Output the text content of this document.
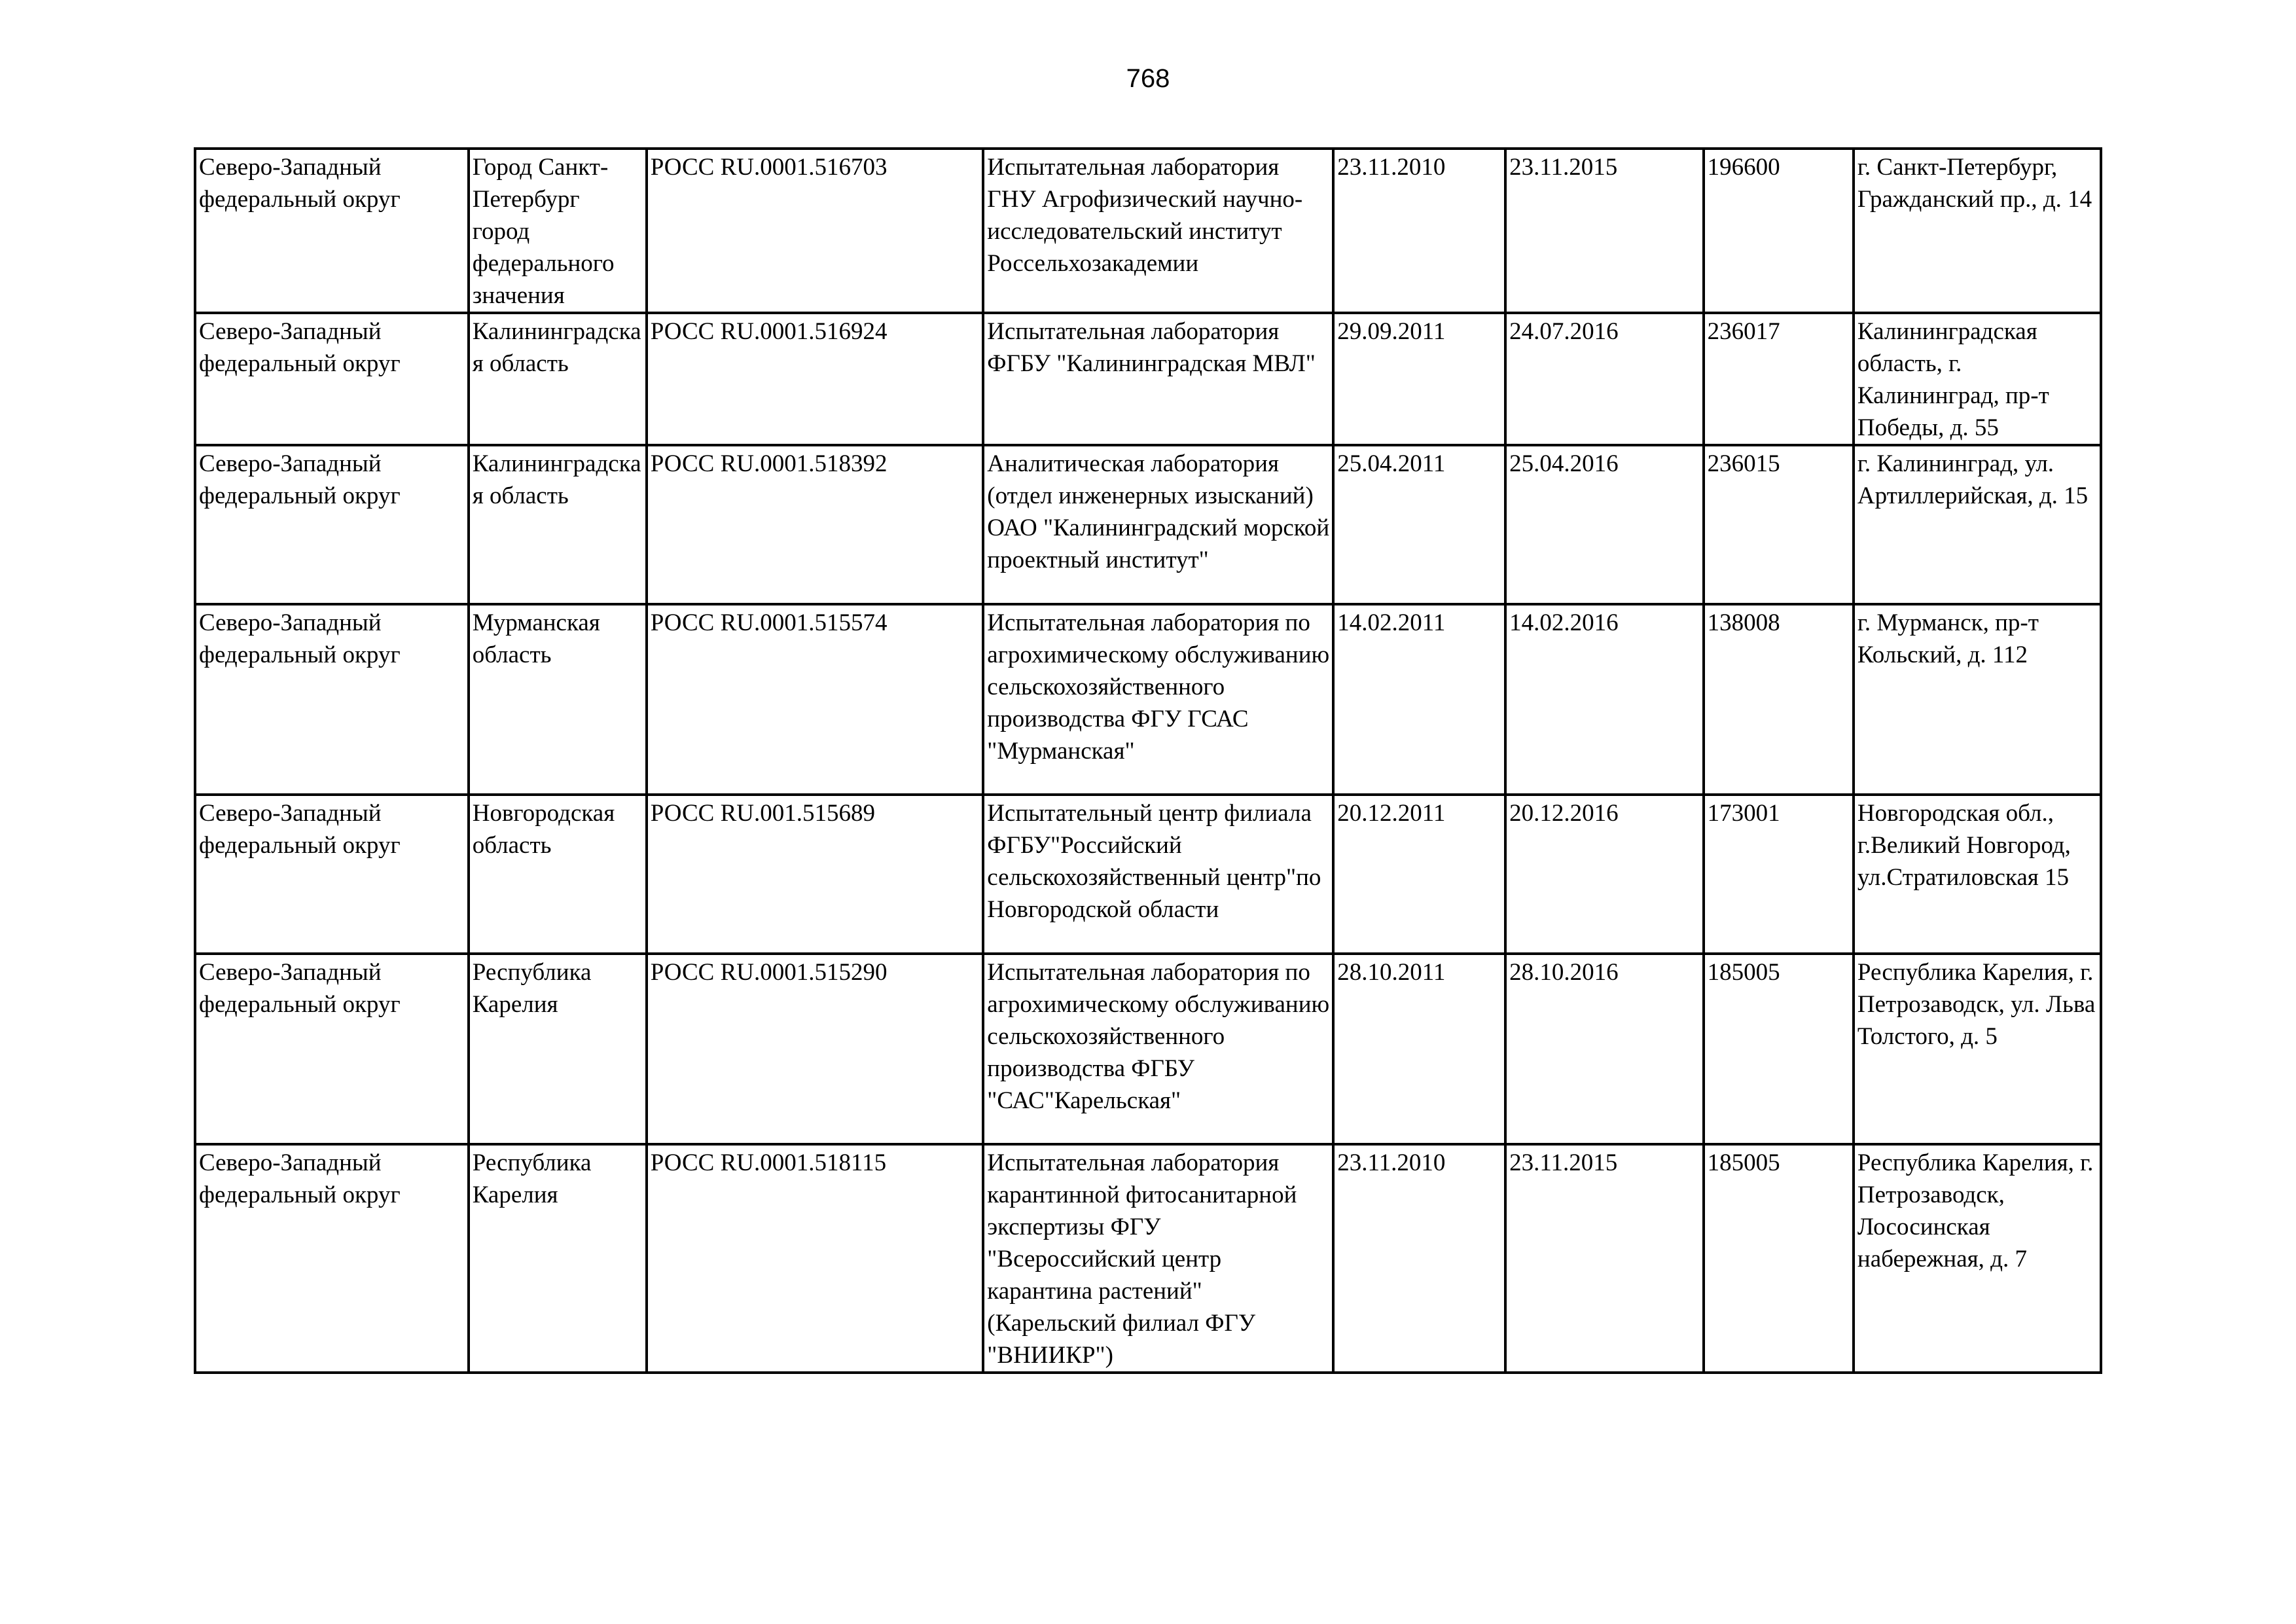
768
Северо-Западный федеральный округ	Город Санкт-Петербург город федерального значения	РОСС RU.0001.516703	Испытательная лаборатория ГНУ Агрофизический научно-исследовательский институт Россельхозакадемии	23.11.2010	23.11.2015	196600	г. Санкт-Петербург, Гражданский пр., д. 14
Северо-Западный федеральный округ	Калининградская область	РОСС RU.0001.516924	Испытательная лаборатория ФГБУ "Калининградская МВЛ"	29.09.2011	24.07.2016	236017	Калининградская область, г. Калининград, пр-т Победы, д. 55
Северо-Западный федеральный округ	Калининградская область	РОСС RU.0001.518392	Аналитическая лаборатория (отдел инженерных изысканий) ОАО "Калининградский морской проектный институт"	25.04.2011	25.04.2016	236015	г. Калининград, ул. Артиллерийская, д. 15
Северо-Западный федеральный округ	Мурманская область	РОСС RU.0001.515574	Испытательная лаборатория по агрохимическому обслуживанию сельскохозяйственного производства ФГУ ГСАС "Мурманская"	14.02.2011	14.02.2016	138008	г. Мурманск, пр-т Кольский, д. 112
Северо-Западный федеральный округ	Новгородская область	РОСС RU.001.515689	Испытательный центр филиала ФГБУ"Российский сельскохозяйственный центр"по Новгородской области	20.12.2011	20.12.2016	173001	Новгородская обл., г.Великий Новгород, ул.Стратиловская 15
Северо-Западный федеральный округ	Республика Карелия	РОСС RU.0001.515290	Испытательная лаборатория по агрохимическому обслуживанию сельскохозяйственного производства ФГБУ "САС"Карельская"	28.10.2011	28.10.2016	185005	Республика Карелия, г. Петрозаводск, ул. Льва Толстого, д. 5
Северо-Западный федеральный округ	Республика Карелия	РОСС RU.0001.518115	Испытательная лаборатория карантинной фитосанитарной экспертизы ФГУ "Всероссийский центр карантина растений" (Карельский филиал ФГУ "ВНИИКР")	23.11.2010	23.11.2015	185005	Республика Карелия, г. Петрозаводск, Лососинская набережная, д. 7
